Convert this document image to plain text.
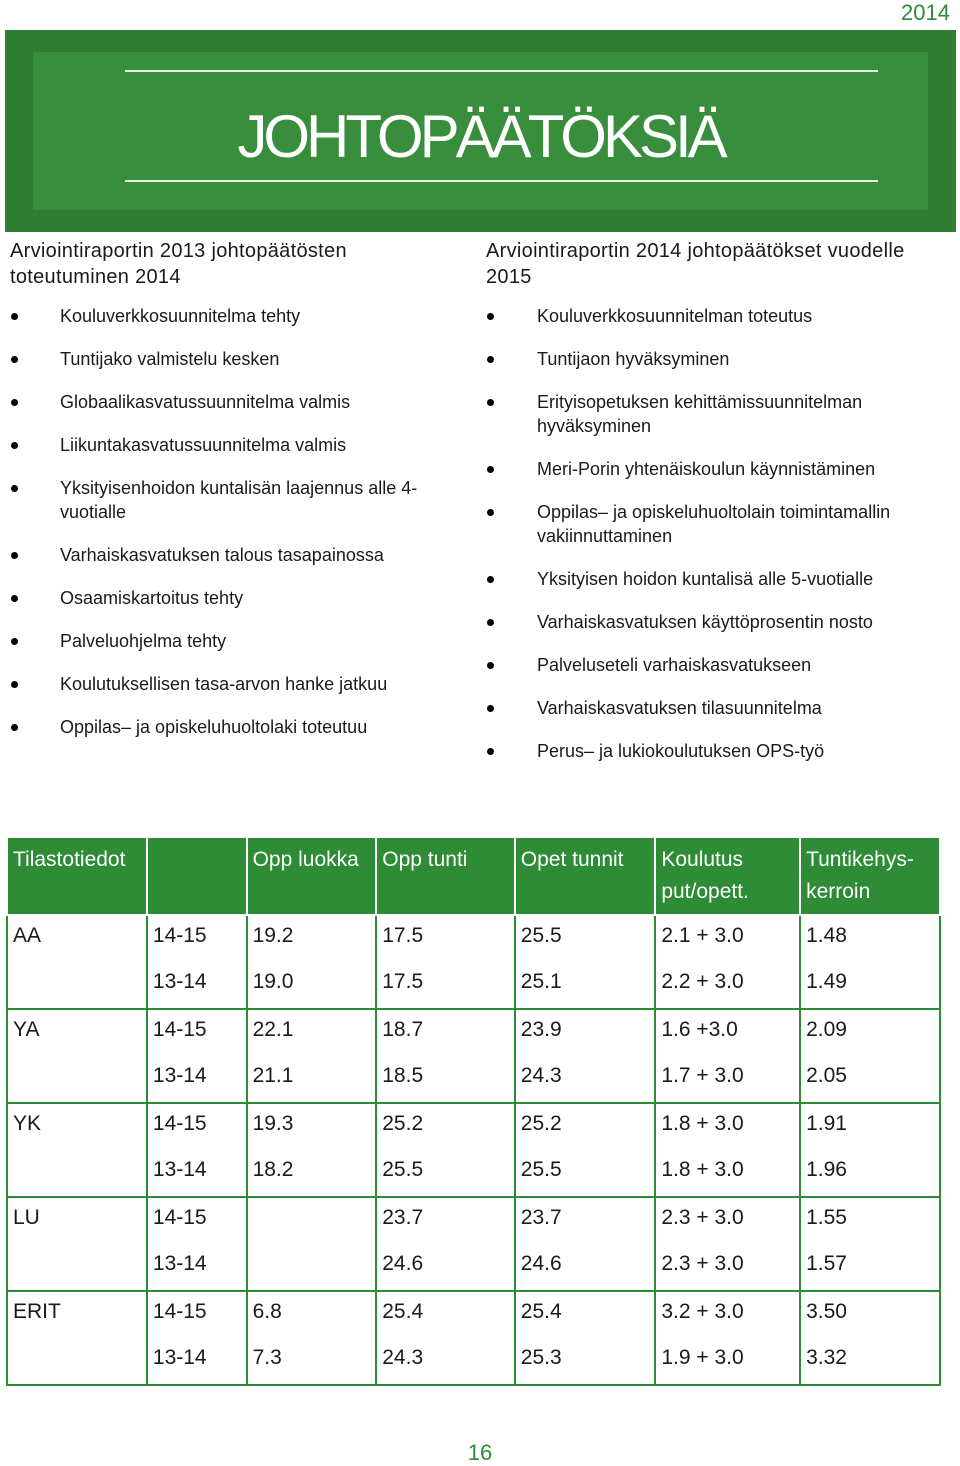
2014
JOHTOPÄÄTÖKSIÄ
Arviointiraportin 2013 johtopäätösten toteutuminen 2014
Kouluverkkosuunnitelma tehty
Tuntijako valmistelu kesken
Globaalikasvatussuunnitelma valmis
Liikuntakasvatussuunnitelma valmis
Yksityisenhoidon kuntalisän laajennus alle 4-vuotialle
Varhaiskasvatuksen talous tasapainossa
Osaamiskartoitus tehty
Palveluohjelma tehty
Koulutuksellisen tasa-arvon hanke jatkuu
Oppilas– ja opiskeluhuoltolaki toteutuu
Arviointiraportin 2014 johtopäätökset vuodelle 2015
Kouluverkkosuunnitelman toteutus
Tuntijaon hyväksyminen
Erityisopetuksen kehittämissuunnitelman hyväksyminen
Meri-Porin yhtenäiskoulun käynnistäminen
Oppilas– ja opiskeluhuoltolain toimintamallin vakiinnuttaminen
Yksityisen hoidon kuntalisä alle 5-vuotialle
Varhaiskasvatuksen käyttöprosentin nosto
Palveluseteli varhaiskasvatukseen
Varhaiskasvatuksen tilasuunnitelma
Perus– ja lukiokoulutuksen OPS-työ
Tilastotiedot		Opp luokka	Opp tunti	Opet tunnit	Koulutus put/opett.	Tuntikehys-kerroin
AA	14-15	19.2	17.5	25.5	2.1 + 3.0	1.48
	13-14	19.0	17.5	25.1	2.2 + 3.0	1.49
YA	14-15	22.1	18.7	23.9	1.6 +3.0	2.09
	13-14	21.1	18.5	24.3	1.7 + 3.0	2.05
YK	14-15	19.3	25.2	25.2	1.8 + 3.0	1.91
	13-14	18.2	25.5	25.5	1.8 + 3.0	1.96
LU	14-15		23.7	23.7	2.3 + 3.0	1.55
	13-14		24.6	24.6	2.3 + 3.0	1.57
ERIT	14-15	6.8	25.4	25.4	3.2 + 3.0	3.50
	13-14	7.3	24.3	25.3	1.9 + 3.0	3.32
16
